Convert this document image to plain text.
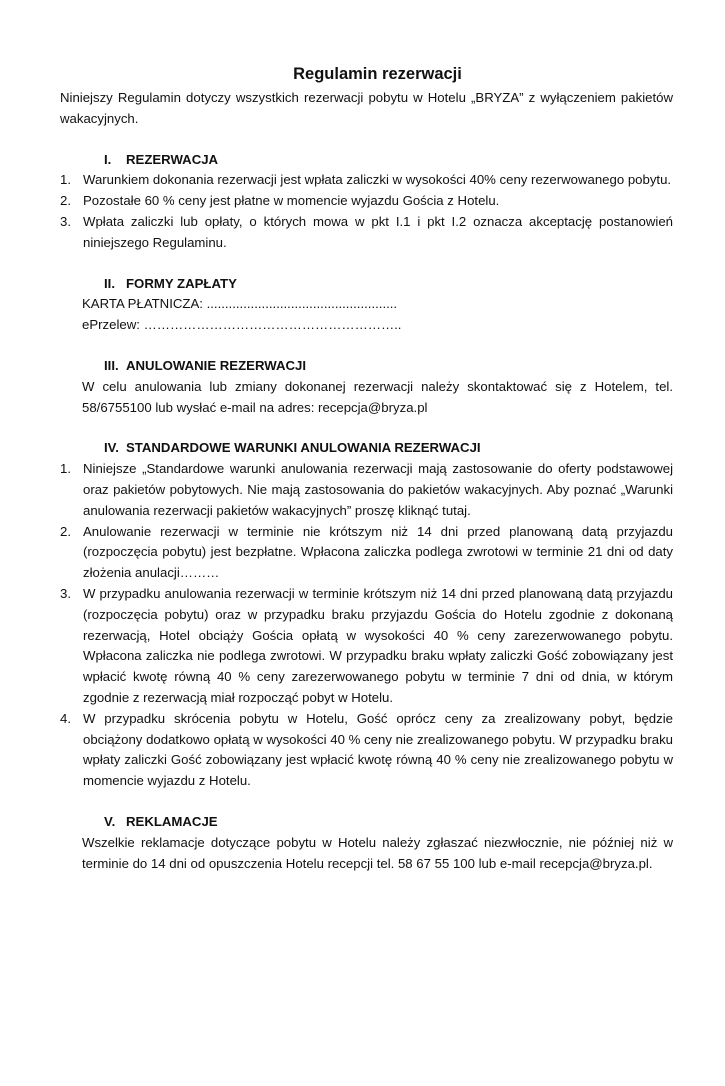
Regulamin rezerwacji

Niniejszy Regulamin dotyczy wszystkich rezerwacji pobytu w Hotelu „BRYZA” z wyłączeniem pakietów wakacyjnych.

I.	REZERWACJA
1. Warunkiem dokonania rezerwacji jest wpłata zaliczki w wysokości 40% ceny rezerwowanego pobytu.
2. Pozostałe 60 % ceny jest płatne w momencie wyjazdu Gościa z Hotelu.
3. Wpłata zaliczki lub opłaty, o których mowa w pkt I.1 i pkt I.2 oznacza akceptację postanowień niniejszego Regulaminu.
II. FORMY ZAPŁATY

KARTA PŁATNICZA: ....................................................

ePrzelew: …………………………………………………..

III. ANULOWANIE REZERWACJI

W celu anulowania lub zmiany dokonanej rezerwacji należy skontaktować się z Hotelem, tel. 58/6755100 lub wysłać e-mail na adres: recepcja@bryza.pl

IV. STANDARDOWE WARUNKI ANULOWANIA REZERWACJI
1. Niniejsze „Standardowe warunki anulowania rezerwacji mają zastosowanie do oferty podstawowej oraz pakietów pobytowych. Nie mają zastosowania do pakietów wakacyjnych. Aby poznać „Warunki anulowania rezerwacji pakietów wakacyjnych” proszę kliknąć tutaj.
2. Anulowanie rezerwacji w terminie nie krótszym niż 14 dni przed planowaną datą przyjazdu (rozpoczęcia pobytu) jest bezpłatne. Wpłacona zaliczka podlega zwrotowi w terminie 21 dni od daty złożenia anulacji………
3. W przypadku anulowania rezerwacji w terminie krótszym niż 14 dni przed planowaną datą przyjazdu (rozpoczęcia pobytu) oraz w przypadku braku przyjazdu Gościa do Hotelu zgodnie z dokonaną rezerwacją, Hotel obciąży Gościa opłatą w wysokości 40 % ceny zarezerwowanego pobytu. Wpłacona zaliczka nie podlega zwrotowi. W przypadku braku wpłaty zaliczki Gość zobowiązany jest wpłacić kwotę równą 40 % ceny zarezerwowanego pobytu w terminie 7 dni od dnia, w którym zgodnie z rezerwacją miał rozpocząć pobyt w Hotelu.
4. W przypadku skrócenia pobytu w Hotelu, Gość oprócz ceny za zrealizowany pobyt, będzie obciążony dodatkowo opłatą w wysokości 40 % ceny nie zrealizowanego pobytu. W przypadku braku wpłaty zaliczki Gość zobowiązany jest wpłacić kwotę równą 40 % ceny nie zrealizowanego pobytu w momencie wyjazdu z Hotelu.
V. REKLAMACJE

Wszelkie reklamacje dotyczące pobytu w Hotelu należy zgłaszać niezwłocznie, nie później niż w terminie do 14 dni od opuszczenia Hotelu recepcji tel. 58 67 55 100 lub e-mail recepcja@bryza.pl.
